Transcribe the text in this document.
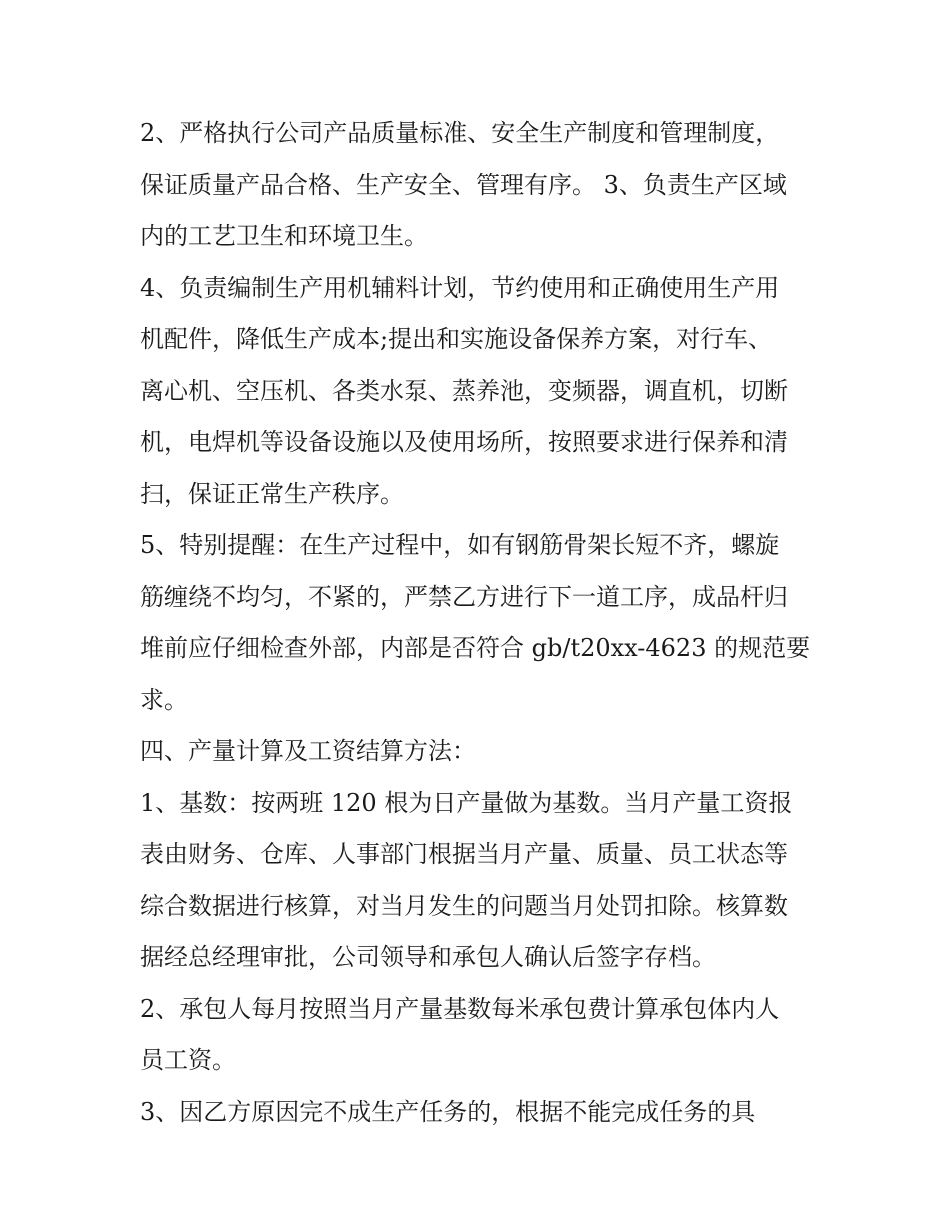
2、严格执行公司产品质量标准、安全生产制度和管理制度，
保证质量产品合格、生产安全、管理有序。 3、负责生产区域
内的工艺卫生和环境卫生。

4、负责编制生产用机辅料计划，节约使用和正确使用生产用
机配件，降低生产成本;提出和实施设备保养方案，对行车、
离心机、空压机、各类水泵、蒸养池，变频器，调直机，切断
机，电焊机等设备设施以及使用场所，按照要求进行保养和清
扫，保证正常生产秩序。

5、特别提醒：在生产过程中，如有钢筋骨架长短不齐，螺旋
筋缠绕不均匀，不紧的，严禁乙方进行下一道工序，成品杆归
堆前应仔细检查外部，内部是否符合 gb/t20xx-4623 的规范要
求。

四、产量计算及工资结算方法：

1、基数：按两班 120 根为日产量做为基数。当月产量工资报
表由财务、仓库、人事部门根据当月产量、质量、员工状态等
综合数据进行核算，对当月发生的问题当月处罚扣除。核算数
据经总经理审批，公司领导和承包人确认后签字存档。

2、承包人每月按照当月产量基数每米承包费计算承包体内人
员工资。

3、因乙方原因完不成生产任务的，根据不能完成任务的具
